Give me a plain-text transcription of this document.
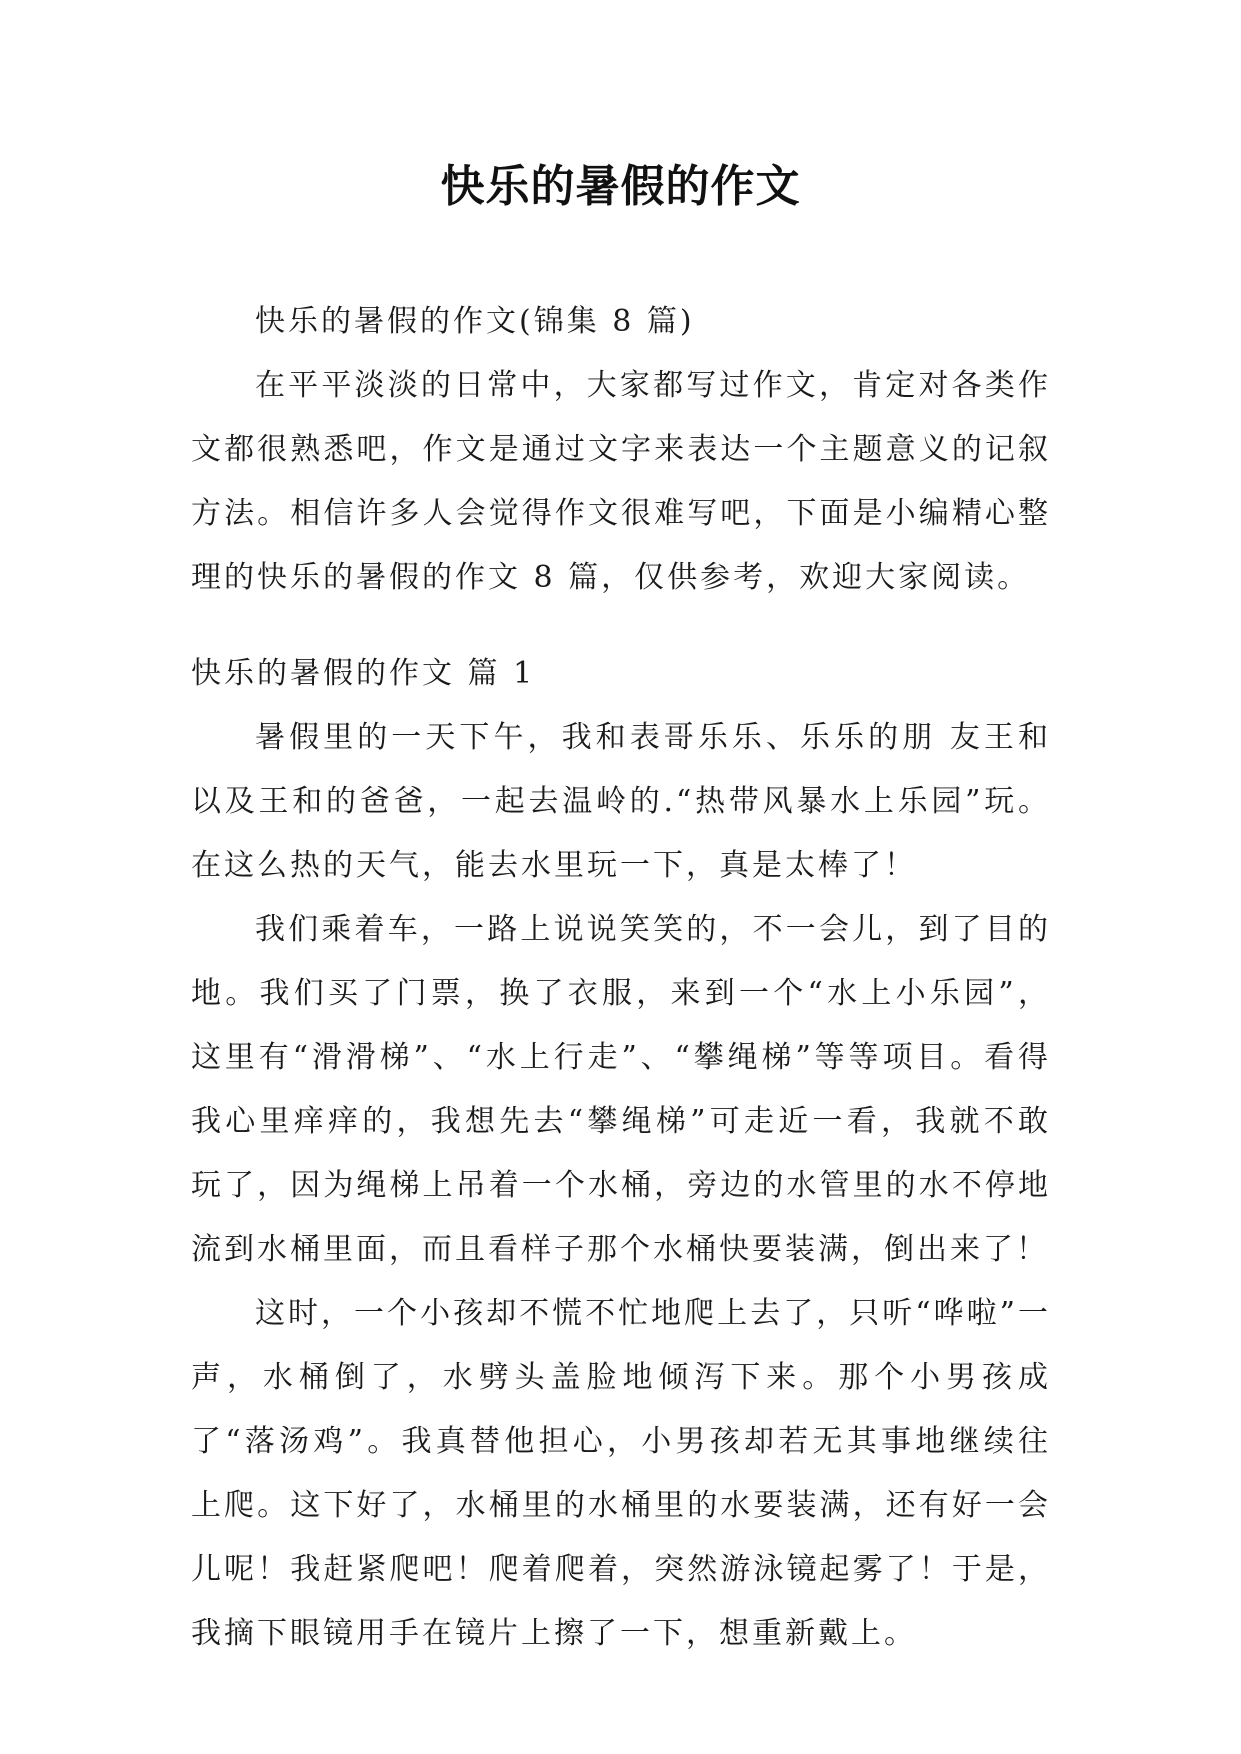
快乐的暑假的作文

快乐的暑假的作文(锦集 8 篇)

在平平淡淡的日常中，大家都写过作文，肯定对各类作文都很熟悉吧，作文是通过文字来表达一个主题意义的记叙方法。相信许多人会觉得作文很难写吧，下面是小编精心整理的快乐的暑假的作文 8 篇，仅供参考，欢迎大家阅读。

快乐的暑假的作文 篇 1

暑假里的一天下午，我和表哥乐乐、乐乐的朋 友王和以及王和的爸爸，一起去温岭的.“热带风暴水上乐园”玩。在这么热的天气，能去水里玩一下，真是太棒了！

我们乘着车，一路上说说笑笑的，不一会儿，到了目的地。我们买了门票，换了衣服，来到一个“水上小乐园”，这里有“滑滑梯”、“水上行走”、“攀绳梯”等等项目。看得我心里痒痒的，我想先去“攀绳梯”可走近一看，我就不敢玩了，因为绳梯上吊着一个水桶，旁边的水管里的水不停地流到水桶里面，而且看样子那个水桶快要装满，倒出来了！

这时，一个小孩却不慌不忙地爬上去了，只听“哗啦”一声，水桶倒了，水劈头盖脸地倾泻下来。那个小男孩成了“落汤鸡”。我真替他担心，小男孩却若无其事地继续往上爬。这下好了，水桶里的水桶里的水要装满，还有好一会儿呢！我赶紧爬吧！爬着爬着，突然游泳镜起雾了！于是，我摘下眼镜用手在镜片上擦了一下，想重新戴上。
